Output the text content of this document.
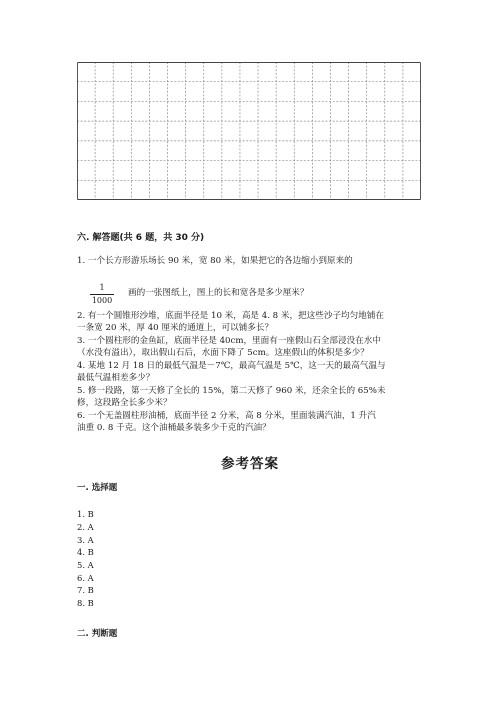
六. 解答题(共 6 题，共 30 分)
1. 一个长方形游乐场长 90 米，宽 80 米，如果把它的各边缩小到原来的
1
1000
画的一张图纸上，图上的长和宽各是多少厘米？
2. 有一个圆锥形沙堆，底面半径是 10 米，高是 4. 8 米，把这些沙子均匀地铺在
一条宽 20 米，厚 40 厘米的通道上，可以铺多长？
3. 一个圆柱形的金鱼缸，底面半径是 40cm，里面有一座假山石全部浸没在水中
（水没有溢出），取出假山石后，水面下降了 5cm。这座假山的体积是多少？
4. 某地 12 月 18 日的最低气温是－7℃，最高气温是 5℃，这一天的最高气温与
最低气温相差多少？
5. 修一段路，第一天修了全长的 15%，第二天修了 960 米，还余全长的 65%未
修，这段路全长多少米？
6. 一个无盖圆柱形油桶，底面半径 2 分米，高 8 分米，里面装满汽油，1 升汽
油重 0. 8 千克。这个油桶最多装多少千克的汽油？
参考答案
一. 选择题
1. B
2. A
3. A
4. B
5. A
6. A
7. B
8. B
二. 判断题
